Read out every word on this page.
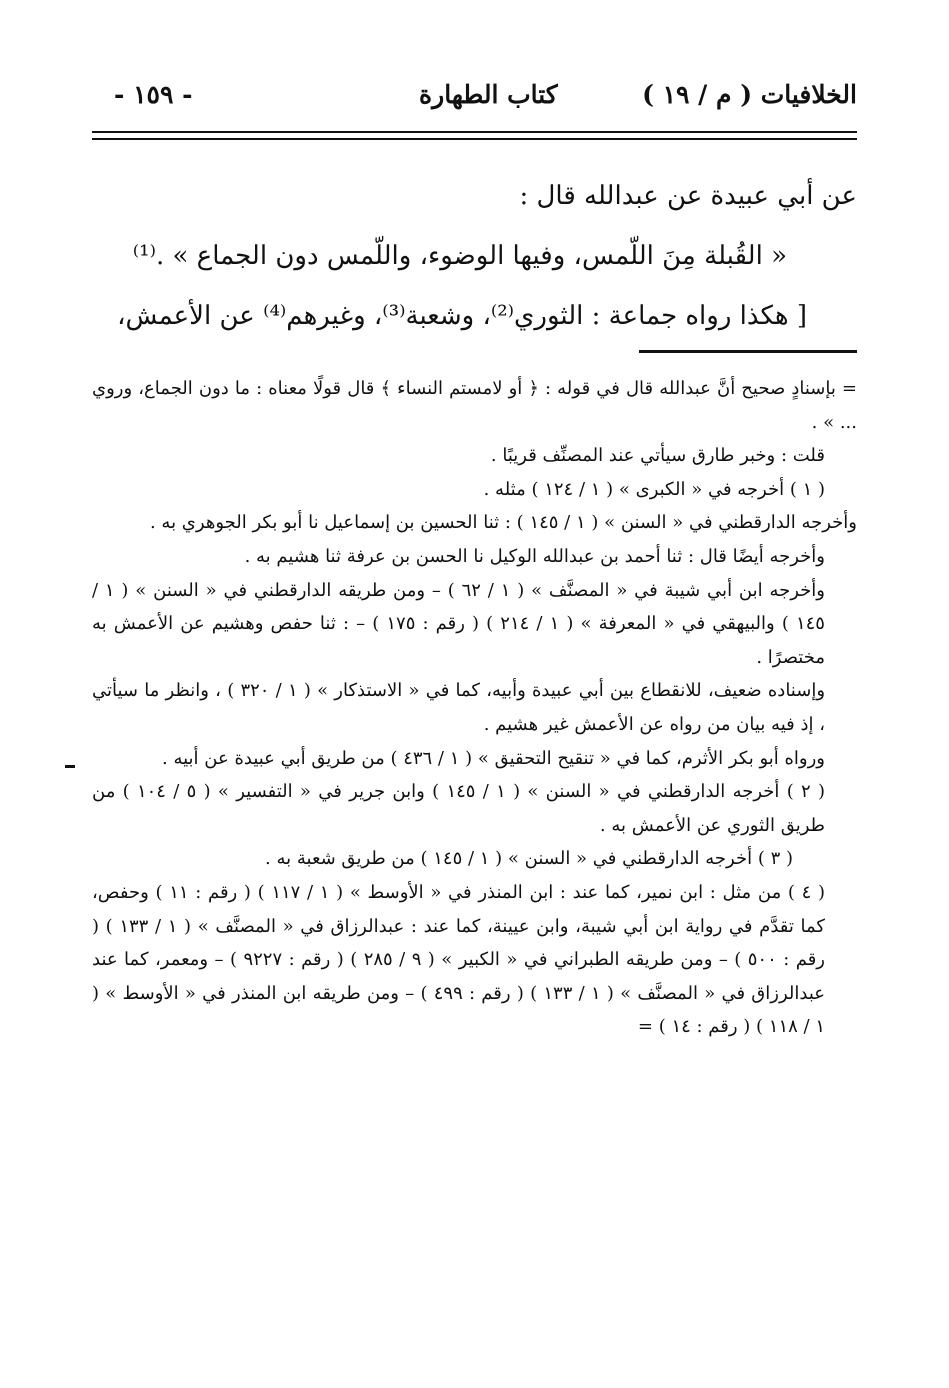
الخلافيات ( م / ١٩ )
كتاب الطهارة
- ١٥٩ -

عن أبي عبيدة عن عبدالله قال :

« القُبلة مِنَ اللّمس، وفيها الوضوء، واللّمس دون الجماع » .⁽¹⁾

[ هكذا رواه جماعة : الثوري⁽²⁾، وشعبة⁽³⁾، وغيرهم⁽⁴⁾ عن الأعمش،

= بإسنادٍ صحيح أنَّ عبدالله قال في قوله : ﴿ أو لامستم النساء ﴾ قال قولًا معناه : ما دون الجماع، وروي ... » .

قلت : وخبر طارق سيأتي عند المصنِّف قريبًا .

( ١ ) أخرجه في « الكبرى » ( ١ / ١٢٤ ) مثله .

وأخرجه الدارقطني في « السنن » ( ١ / ١٤٥ ) : ثنا الحسين بن إسماعيل نا أبو بكر الجوهري به .

وأخرجه أيضًا قال : ثنا أحمد بن عبدالله الوكيل نا الحسن بن عرفة ثنا هشيم به .

وأخرجه ابن أبي شيبة في « المصنَّف » ( ١ / ٦٢ ) – ومن طريقه الدارقطني في « السنن » ( ١ / ١٤٥ ) والبيهقي في « المعرفة » ( ١ / ٢١٤ ) ( رقم : ١٧٥ ) – : ثنا حفص وهشيم عن الأعمش به مختصرًا .

وإسناده ضعيف، للانقطاع بين أبي عبيدة وأبيه، كما في « الاستذكار » ( ١ / ٣٢٠ ) ، وانظر ما سيأتي ، إذ فيه بيان من رواه عن الأعمش غير هشيم .

ورواه أبو بكر الأثرم، كما في « تنقيح التحقيق » ( ١ / ٤٣٦ ) من طريق أبي عبيدة عن أبيه .

( ٢ ) أخرجه الدارقطني في « السنن » ( ١ / ١٤٥ ) وابن جرير في « التفسير » ( ٥ / ١٠٤ ) من طريق الثوري عن الأعمش به .

( ٣ ) أخرجه الدارقطني في « السنن » ( ١ / ١٤٥ ) من طريق شعبة به .

( ٤ ) من مثل : ابن نمير، كما عند : ابن المنذر في « الأوسط » ( ١ / ١١٧ ) ( رقم : ١١ ) وحفص، كما تقدَّم في رواية ابن أبي شيبة، وابن عيينة، كما عند : عبدالرزاق في « المصنَّف » ( ١ / ١٣٣ ) ( رقم : ٥٠٠ ) – ومن طريقه الطبراني في « الكبير » ( ٩ / ٢٨٥ ) ( رقم : ٩٢٢٧ ) – ومعمر، كما عند عبدالرزاق في « المصنَّف » ( ١ / ١٣٣ ) ( رقم : ٤٩٩ ) – ومن طريقه ابن المنذر في « الأوسط » ( ١ / ١١٨ ) ( رقم : ١٤ ) =
